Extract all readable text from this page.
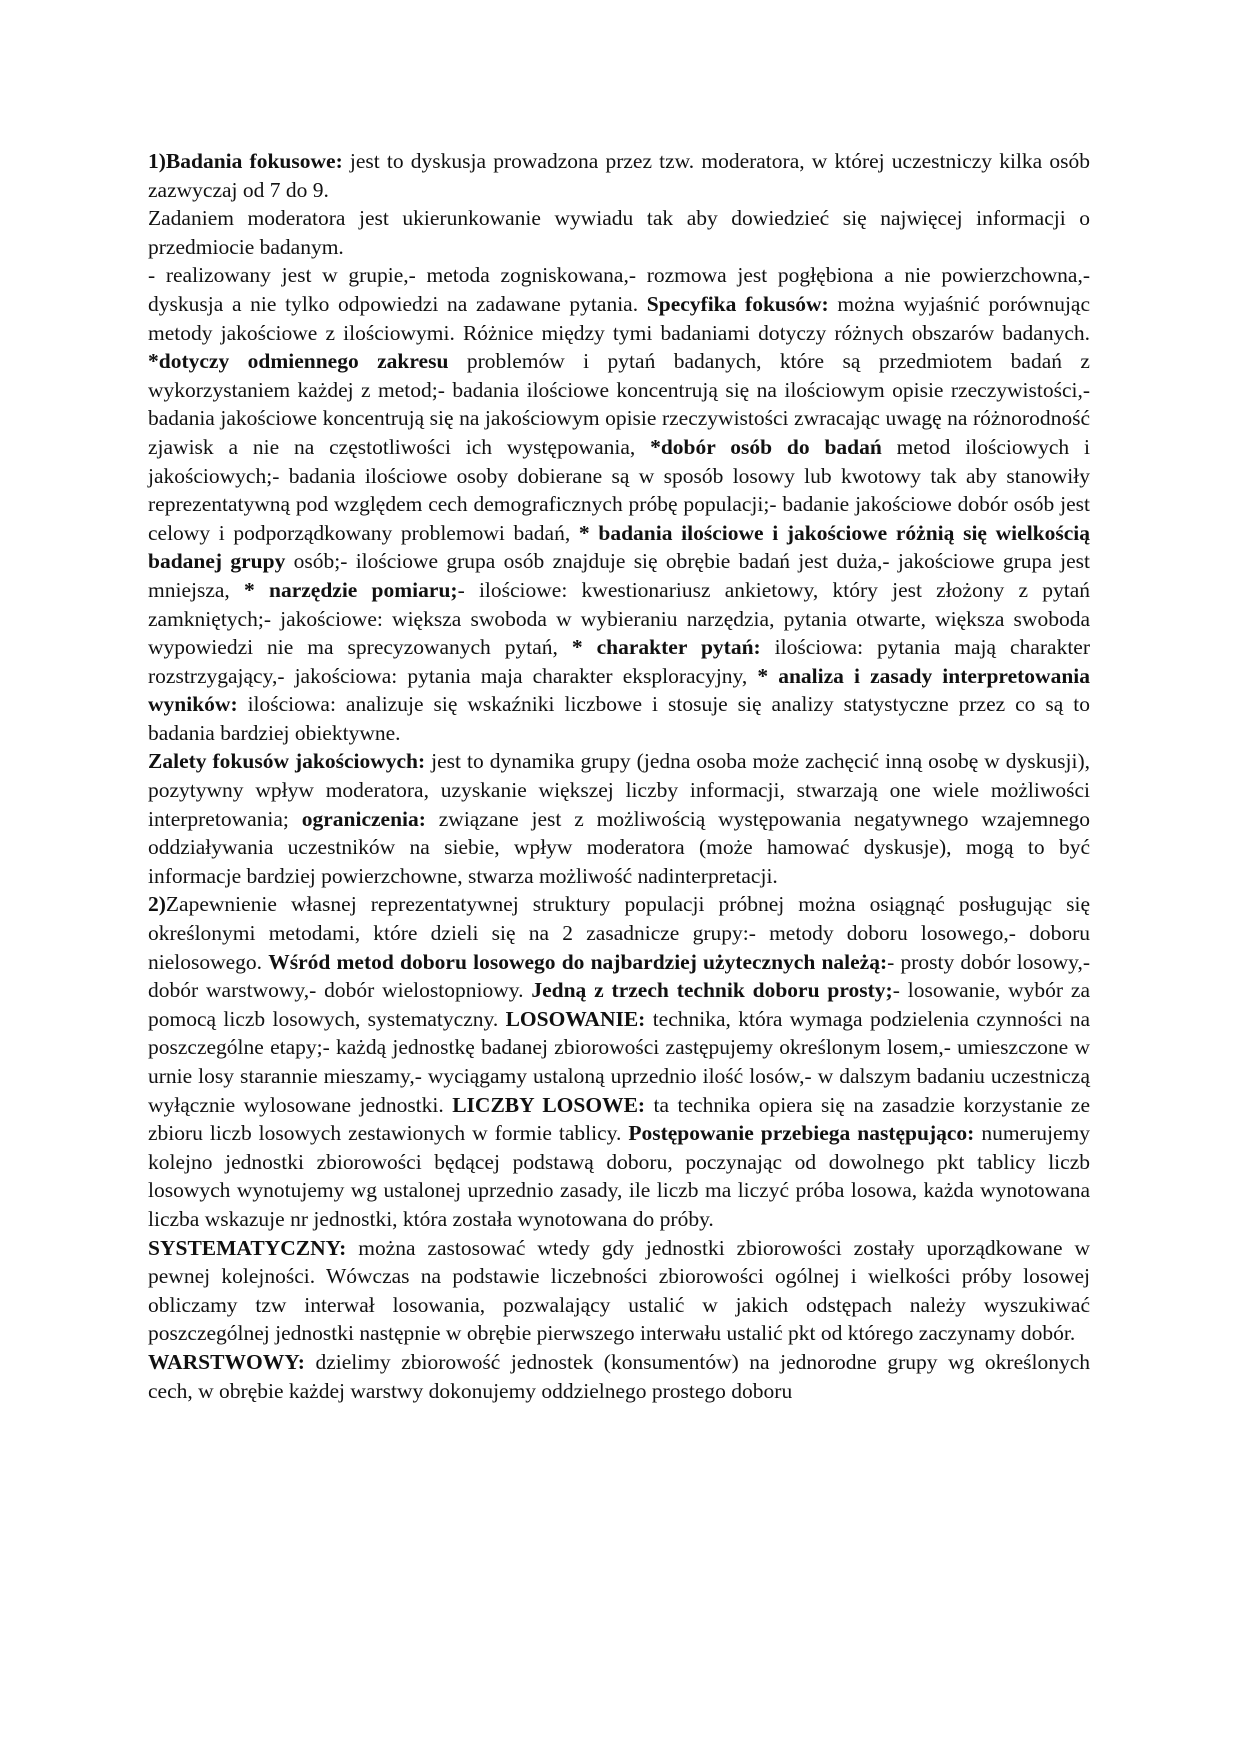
1)Badania fokusowe: jest to dyskusja prowadzona przez tzw. moderatora, w której uczestniczy kilka osób zazwyczaj od 7 do 9.

Zadaniem moderatora jest ukierunkowanie wywiadu tak aby dowiedzieć się najwięcej informacji o przedmiocie badanym.

- realizowany jest w grupie,- metoda zogniskowana,- rozmowa jest pogłębiona a nie powierzchowna,- dyskusja a nie tylko odpowiedzi na zadawane pytania. Specyfika fokusów: można wyjaśnić porównując metody jakościowe z ilościowymi. Różnice między tymi badaniami dotyczy różnych obszarów badanych. *dotyczy odmiennego zakresu problemów i pytań badanych, które są przedmiotem badań z wykorzystaniem każdej z metod;- badania ilościowe koncentrują się na ilościowym opisie rzeczywistości,- badania jakościowe koncentrują się na jakościowym opisie rzeczywistości zwracając uwagę na różnorodność zjawisk a nie na częstotliwości ich występowania, *dobór osób do badań metod ilościowych i jakościowych;- badania ilościowe osoby dobierane są w sposób losowy lub kwotowy tak aby stanowiły reprezentatywną pod względem cech demograficznych próbę populacji;- badanie jakościowe dobór osób jest celowy i podporządkowany problemowi badań, * badania ilościowe i jakościowe różnią się wielkością badanej grupy osób;- ilościowe grupa osób znajduje się obrębie badań jest duża,- jakościowe grupa jest mniejsza, * narzędzie pomiaru;- ilościowe: kwestionariusz ankietowy, który jest złożony z pytań zamkniętych;- jakościowe: większa swoboda w wybieraniu narzędzia, pytania otwarte, większa swoboda wypowiedzi nie ma sprecyzowanych pytań, * charakter pytań: ilościowa: pytania mają charakter rozstrzygający,- jakościowa: pytania maja charakter eksploracyjny, * analiza i zasady interpretowania wyników: ilościowa: analizuje się wskaźniki liczbowe i stosuje się analizy statystyczne przez co są to badania bardziej obiektywne.

Zalety fokusów jakościowych: jest to dynamika grupy (jedna osoba może zachęcić inną osobę w dyskusji), pozytywny wpływ moderatora, uzyskanie większej liczby informacji, stwarzają one wiele możliwości interpretowania; ograniczenia: związane jest z możliwością występowania negatywnego wzajemnego oddziaływania uczestników na siebie, wpływ moderatora (może hamować dyskusje), mogą to być informacje bardziej powierzchowne, stwarza możliwość nadinterpretacji.

2)Zapewnienie własnej reprezentatywnej struktury populacji próbnej można osiągnąć posługując się określonymi metodami, które dzieli się na 2 zasadnicze grupy:- metody doboru losowego,- doboru nielosowego. Wśród metod doboru losowego do najbardziej użytecznych należą:- prosty dobór losowy,- dobór warstwowy,- dobór wielostopniowy. Jedną z trzech technik doboru prosty;- losowanie, wybór za pomocą liczb losowych, systematyczny. LOSOWANIE: technika, która wymaga podzielenia czynności na poszczególne etapy;- każdą jednostkę badanej zbiorowości zastępujemy określonym losem,- umieszczone w urnie losy starannie mieszamy,- wyciągamy ustaloną uprzednio ilość losów,- w dalszym badaniu uczestniczą wyłącznie wylosowane jednostki. LICZBY LOSOWE: ta technika opiera się na zasadzie korzystanie ze zbioru liczb losowych zestawionych w formie tablicy. Postępowanie przebiega następująco: numerujemy kolejno jednostki zbiorowości będącej podstawą doboru, poczynając od dowolnego pkt tablicy liczb losowych wynotujemy wg ustalonej uprzednio zasady, ile liczb ma liczyć próba losowa, każda wynotowana liczba wskazuje nr jednostki, która została wynotowana do próby.

SYSTEMATYCZNY: można zastosować wtedy gdy jednostki zbiorowości zostały uporządkowane w pewnej kolejności. Wówczas na podstawie liczebności zbiorowości ogólnej i wielkości próby losowej obliczamy tzw interwał losowania, pozwalający ustalić w jakich odstępach należy wyszukiwać poszczególnej jednostki następnie w obrębie pierwszego interwału ustalić pkt od którego zaczynamy dobór.

WARSTWOWY: dzielimy zbiorowość jednostek (konsumentów) na jednorodne grupy wg określonych cech, w obrębie każdej warstwy dokonujemy oddzielnego prostego doboru
